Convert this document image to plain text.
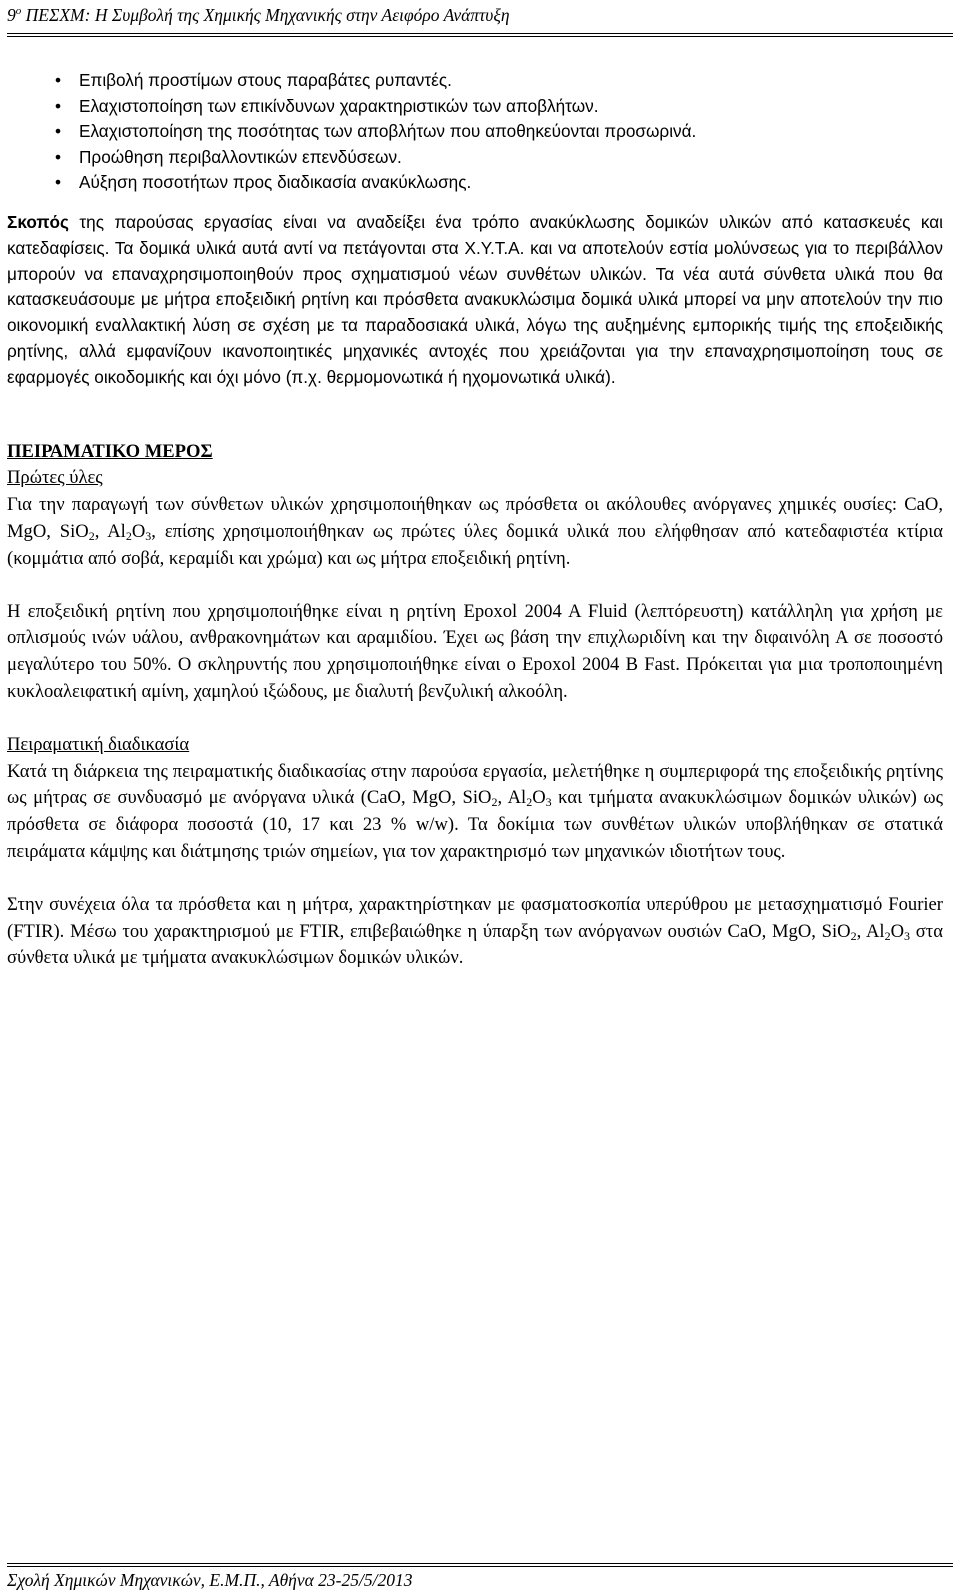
$9^o$ ΠΕΣΧΜ: Η Συμβολή της Χημικής Μηχανικής στην Αειφόρο Ανάπτυξη
• Επιβολή προστίμων στους παραβάτες ρυπαντές.
• Ελαχιστοποίηση των επικίνδυνων χαρακτηριστικών των αποβλήτων.
• Ελαχιστοποίηση της ποσότητας των αποβλήτων που αποθηκεύονται προσωρινά.
• Προώθηση περιβαλλοντικών επενδύσεων.
• Αύξηση ποσοτήτων προς διαδικασία ανακύκλωσης.

Σκοπός της παρούσας εργασίας είναι να αναδείξει ένα τρόπο ανακύκλωσης δομικών υλικών από κατασκευές και κατεδαφίσεις. Τα δομικά υλικά αυτά αντί να πετάγονται στα Χ.Υ.Τ.Α. και να αποτελούν εστία μολύνσεως για το περιβάλλον μπορούν να επαναχρησιμοποιηθούν προς σχηματισμού νέων συνθέτων υλικών. Τα νέα αυτά σύνθετα υλικά που θα κατασκευάσουμε με μήτρα εποξειδική ρητίνη και πρόσθετα ανακυκλώσιμα δομικά υλικά μπορεί να μην αποτελούν την πιο οικονομική εναλλακτική λύση σε σχέση με τα παραδοσιακά υλικά, λόγω της αυξημένης εμπορικής τιμής της εποξειδικής ρητίνης, αλλά εμφανίζουν ικανοποιητικές μηχανικές αντοχές που χρειάζονται για την επαναχρησιμοποίηση τους σε εφαρμογές οικοδομικής και όχι μόνο (π.χ. θερμομονωτικά ή ηχομονωτικά υλικά).

ΠΕΙΡΑΜΑΤΙΚΟ ΜΕΡΟΣ
Πρώτες ύλες

Για την παραγωγή των σύνθετων υλικών χρησιμοποιήθηκαν ως πρόσθετα οι ακόλουθες ανόργανες χημικές ουσίες: CaO, MgO, SiO$_2$, $Al_2O_3$, επίσης χρησιμοποιήθηκαν ως πρώτες ύλες δομικά υλικά που ελήφθησαν από κατεδαφιστέα κτίρια (κομμάτια από σοβά, κεραμίδι και χρώμα) και ως μήτρα εποξειδική ρητίνη.

Η εποξειδική ρητίνη που χρησιμοποιήθηκε είναι η ρητίνη Epoxol 2004 A Fluid (λεπτόρευστη) κατάλληλη για χρήση με οπλισμούς ινών υάλου, ανθρακονημάτων και αραμιδίου. Έχει ως βάση την επιχλωριδίνη και την διφαινόλη Α σε ποσοστό μεγαλύτερο του 50%. Ο σκληρυντής που χρησιμοποιήθηκε είναι ο Epoxol 2004 B Fast. Πρόκειται για μια τροποποιημένη κυκλοαλειφατική αμίνη, χαμηλού ιξώδους, με διαλυτή βενζυλική αλκοόλη.

Πειραματική διαδικασία

Κατά τη διάρκεια της πειραματικής διαδικασίας στην παρούσα εργασία, μελετήθηκε η συμπεριφορά της εποξειδικής ρητίνης ως μήτρας σε συνδυασμό με ανόργανα υλικά (CaO, MgO, SiO$_2$, $Al_2O_3$ και τμήματα ανακυκλώσιμων δομικών υλικών) ως πρόσθετα σε διάφορα ποσοστά (10, 17 και 23 % w/w). Τα δοκίμια των συνθέτων υλικών υποβλήθηκαν σε στατικά πειράματα κάμψης και διάτμησης τριών σημείων, για τον χαρακτηρισμό των μηχανικών ιδιοτήτων τους.

Στην συνέχεια όλα τα πρόσθετα και η μήτρα, χαρακτηρίστηκαν με φασματοσκοπία υπερύθρου με μετασχηματισμό Fourier (FTIR). Μέσω του χαρακτηρισμού με FTIR, επιβεβαιώθηκε η ύπαρξη των ανόργανων ουσιών CaO, MgO, SiO$_2$, $Al_2O_3$ στα σύνθετα υλικά με τμήματα ανακυκλώσιμων δομικών υλικών.

Σχολή Χημικών Μηχανικών, Ε.Μ.Π., Αθήνα 23-25/5/2013
